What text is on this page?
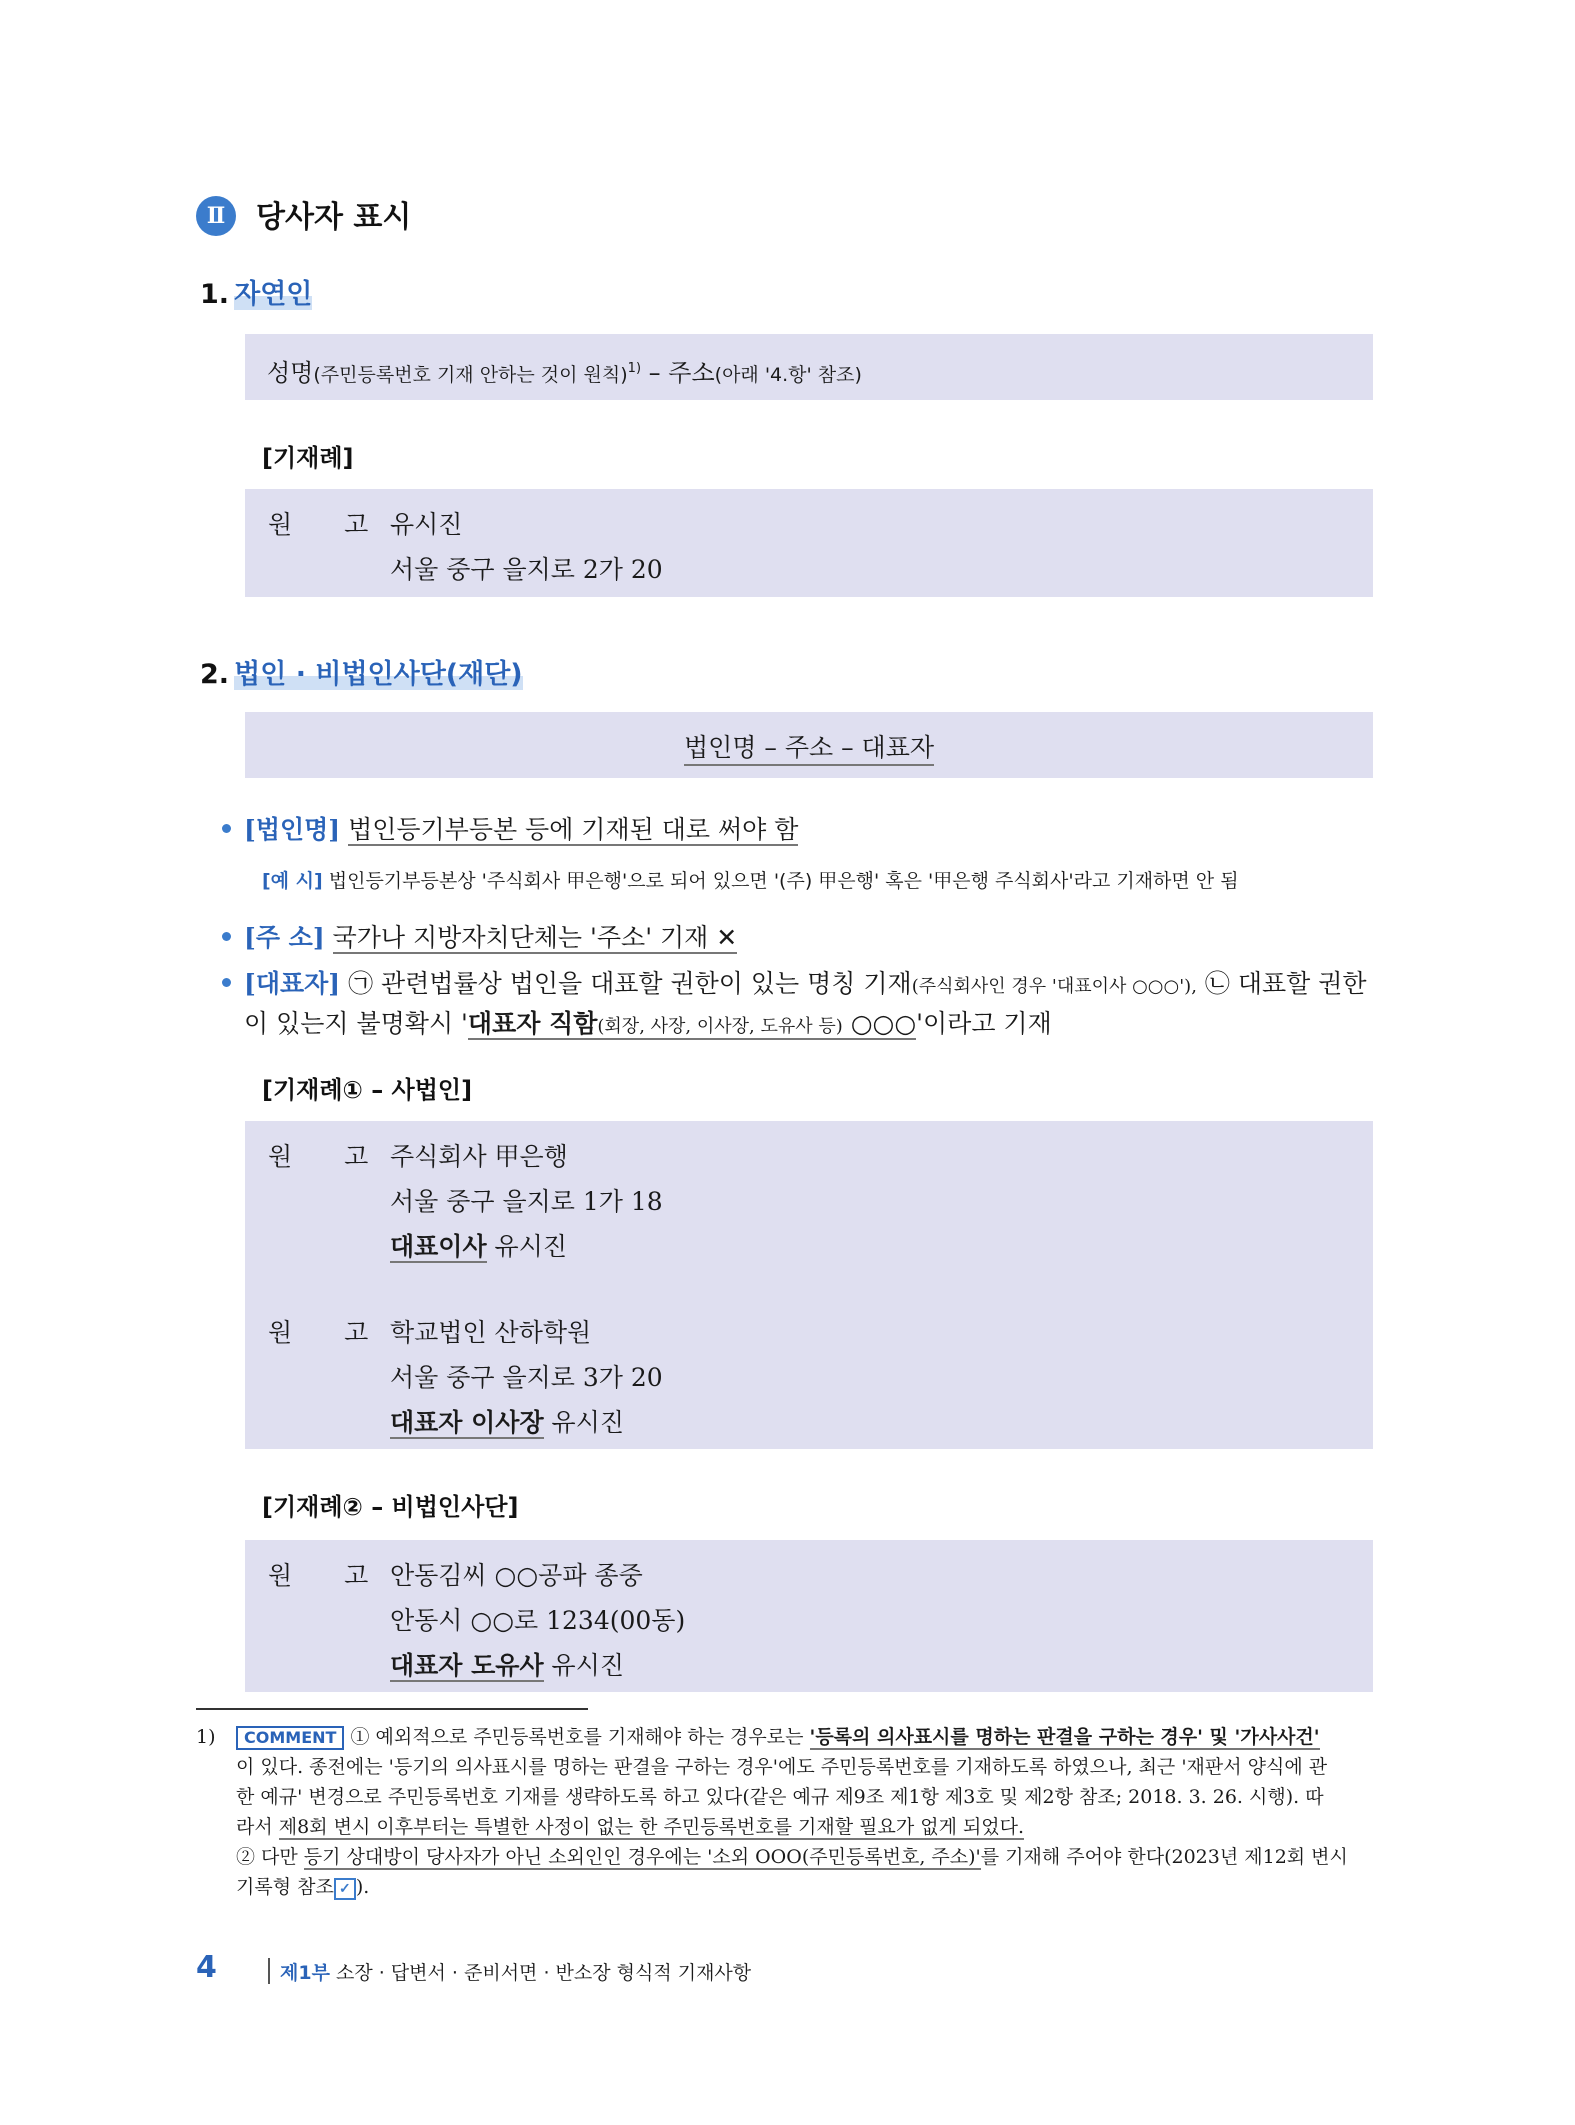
Ⅱ	당사자 표시
1. 자연인
성명(주민등록번호 기재 안하는 것이 원칙)$^{1)}$ – 주소(아래 '4.항' 참조)
[기재례]
원 고 유시진
서울 중구 을지로 2가 20
2. 법인 · 비법인사단(재단)
법인명 – 주소 – 대표자
[법인명] 법인등기부등본 등에 기재된 대로 써야 함
[예 시] 법인등기부등본상 '주식회사 甲은행'으로 되어 있으면 '(주) 甲은행' 혹은 '甲은행 주식회사'라고 기재하면 안 됨
[주 소] 국가나 지방자치단체는 '주소' 기재 ✕
[대표자] ㉠ 관련법률상 법인을 대표할 권한이 있는 명칭 기재(주식회사인 경우 '대표이사 ○○○'), ㉡ 대표할 권한
이 있는지 불명확시 '대표자 직함(회장, 사장, 이사장, 도유사 등) ○○○'이라고 기재
[기재례① – 사법인]
원 고 주식회사 甲은행
서울 중구 을지로 1가 18
대표이사 유시진
원 고 학교법인 산하학원
서울 중구 을지로 3가 20
대표자 이사장 유시진
[기재례② – 비법인사단]
원 고 안동김씨 ○○공파 종중
안동시 ○○로 1234(00동)
대표자 도유사 유시진
1)	COMMENT ① 예외적으로 주민등록번호를 기재해야 하는 경우로는 '등록의 의사표시를 명하는 판결을 구하는 경우' 및 '가사사건'
이 있다. 종전에는 '등기의 의사표시를 명하는 판결을 구하는 경우'에도 주민등록번호를 기재하도록 하였으나, 최근 '재판서 양식에 관
한 예규' 변경으로 주민등록번호 기재를 생략하도록 하고 있다(같은 예규 제9조 제1항 제3호 및 제2항 참조; 2018. 3. 26. 시행). 따
라서 제8회 변시 이후부터는 특별한 사정이 없는 한 주민등록번호를 기재할 필요가 없게 되었다.
② 다만 등기 상대방이 당사자가 아닌 소외인인 경우에는 '소외 OOO(주민등록번호, 주소)'를 기재해 주어야 한다(2023년 제12회 변시
기록형 참조 ✓ ).
4	제1부 소장 · 답변서 · 준비서면 · 반소장 형식적 기재사항
